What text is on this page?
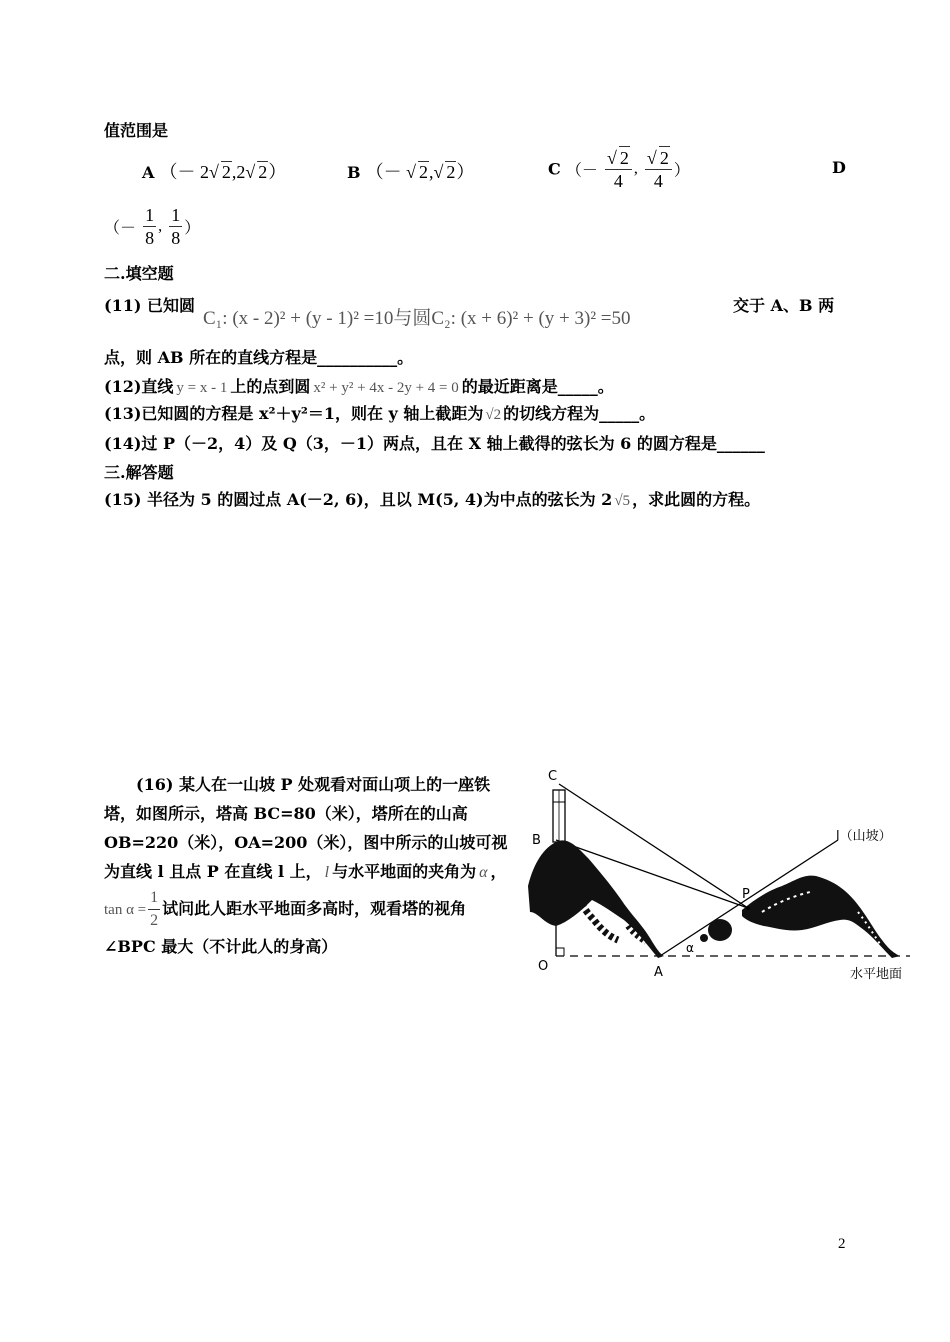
值范围是
A （－ 2√ 2,2√ 2）	B （－ √ 2,√ 2）	C （－ $\frac{√ 2}{4}$ , $\frac{√ 2}{4}$ ）	D
（－ $\frac{1}{8}$ , $\frac{1}{8}$ ）
二.填空题
(11) 已知圆
C₁: (x - 2)² + (y - 1)² =10与圆C₂: (x + 6)² + (y + 3)² =50
交于 A、B 两
点，则 AB 所在的直线方程是__________。
(12)直线 y = x - 1 上的点到圆 x² + y² + 4x - 2y + 4 = 0 的最近距离是_____。
(13)已知圆的方程是 x²＋y²＝1，则在 y 轴上截距为 √2 的切线方程为_____。
(14)过 P（－2，4）及 Q（3，－1）两点，且在 X 轴上截得的弦长为 6 的圆方程是______
三.解答题
(15) 半径为 5 的圆过点 A(－2, 6)，且以 M(5, 4)为中点的弦长为 2 √5 ，求此圆的方程。
(16) 某人在一山坡 P 处观看对面山项上的一座铁塔，如图所示，塔高 BC=80（米），塔所在的山高 OB=220（米），OA=200（米），图中所示的山坡可视为直线 l 且点 P 在直线 l 上， l 与水平地面的夹角为 α ， $\tan \alpha = \frac{1}{2}$ 试问此人距水平地面多高时，观看塔的视角∠BPC 最大（不计此人的身高）
C
B
P
O	A
α
l（山坡）
水平地面
2
